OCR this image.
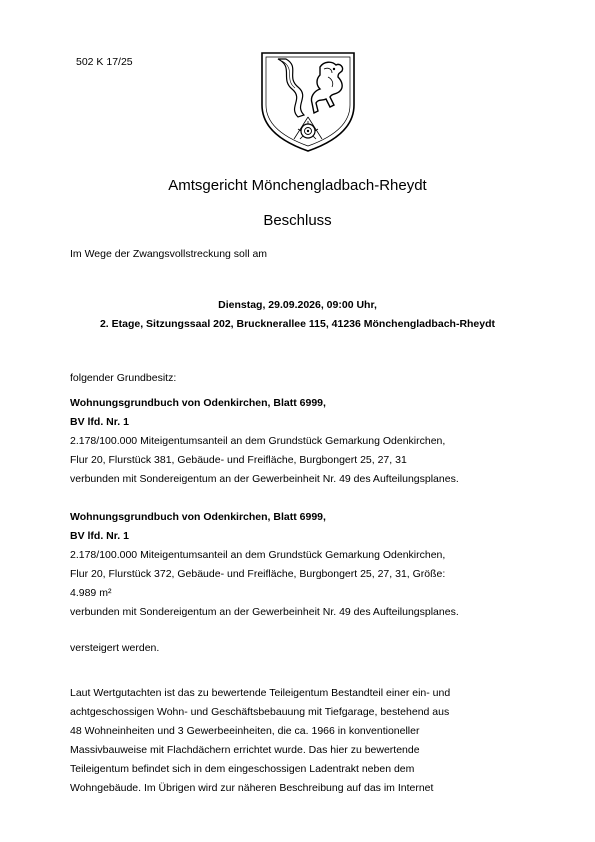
502 K 17/25
Amtsgericht Mönchengladbach-Rheydt
Beschluss
Im Wege der Zwangsvollstreckung soll am

Dienstag, 29.09.2026, 09:00 Uhr,

2. Etage, Sitzungssaal 202, Brucknerallee 115, 41236 Mönchengladbach-Rheydt

folgender Grundbesitz:

Wohnungsgrundbuch von Odenkirchen, Blatt 6999,

BV lfd. Nr. 1

2.178/100.000 Miteigentumsanteil an dem Grundstück Gemarkung Odenkirchen,

Flur 20, Flurstück 381, Gebäude- und Freifläche, Burgbongert 25, 27, 31

verbunden mit Sondereigentum an der Gewerbeinheit Nr. 49 des Aufteilungsplanes.

Wohnungsgrundbuch von Odenkirchen, Blatt 6999,

BV lfd. Nr. 1

2.178/100.000 Miteigentumsanteil an dem Grundstück Gemarkung Odenkirchen,

Flur 20, Flurstück 372, Gebäude- und Freifläche, Burgbongert 25, 27, 31, Größe:

4.989 m²

verbunden mit Sondereigentum an der Gewerbeinheit Nr. 49 des Aufteilungsplanes.

versteigert werden.

Laut Wertgutachten ist das zu bewertende Teileigentum Bestandteil einer ein- und

achtgeschossigen Wohn- und Geschäftsbebauung mit Tiefgarage, bestehend aus

48 Wohneinheiten und 3 Gewerbeeinheiten, die ca. 1966 in konventioneller

Massivbauweise mit Flachdächern errichtet wurde. Das hier zu bewertende

Teileigentum befindet sich in dem eingeschossigen Ladentrakt neben dem

Wohngebäude. Im Übrigen wird zur näheren Beschreibung auf das im Internet
